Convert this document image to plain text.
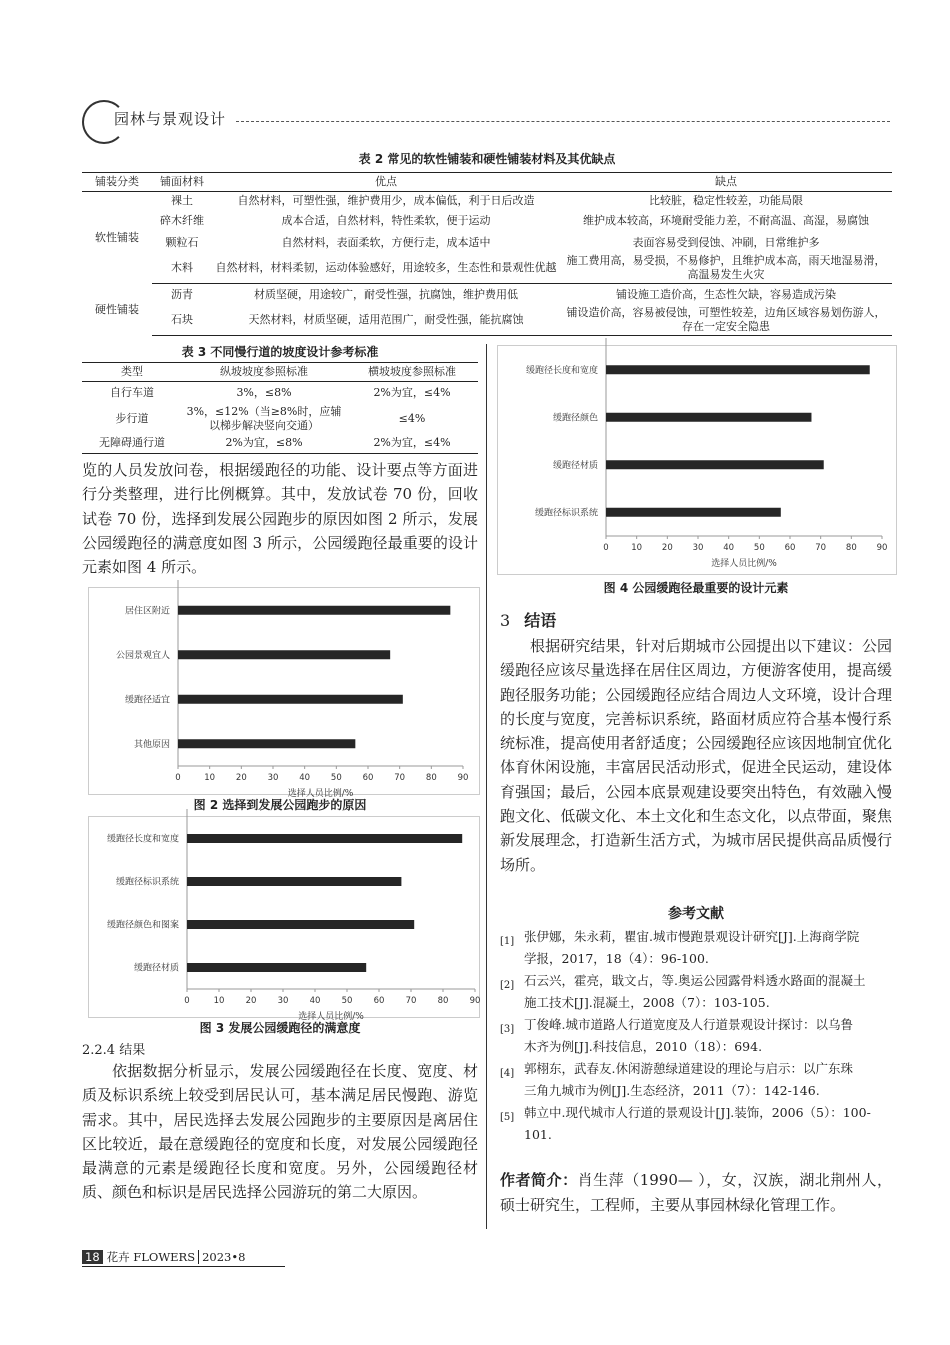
园林与景观设计
表 2 常见的软性铺装和硬性铺装材料及其优缺点
铺装分类	铺面材料	优点	缺点
软性铺装	裸土	自然材料，可塑性强，维护费用少，成本偏低，利于日后改造	比较脏，稳定性较差，功能局限
	碎木纤维	成本合适，自然材料，特性柔软，便于运动	维护成本较高，环境耐受能力差，不耐高温、高湿，易腐蚀
	颗粒石	自然材料，表面柔软，方便行走，成本适中	表面容易受到侵蚀、冲刷，日常维护多
	木料	自然材料，材料柔韧，运动体验感好，用途较多，生态性和景观性优越	施工费用高，易受损，不易修护，且维护成本高，雨天地湿易滑，高温易发生火灾
硬性铺装	沥青	材质坚硬，用途较广，耐受性强，抗腐蚀，维护费用低	铺设施工造价高，生态性欠缺，容易造成污染
	石块	天然材料，材质坚硬，适用范围广，耐受性强，能抗腐蚀	铺设造价高，容易被侵蚀，可塑性较差，边角区域容易划伤游人，存在一定安全隐患
表 3 不同慢行道的坡度设计参考标准
类型	纵坡坡度参照标准	横坡坡度参照标准
自行车道	3%，≤8%	2%为宜，≤4%
步行道	3%，≤12%（当≥8%时，应辅以梯步解决竖向交通）	≤4%
无障碍通行道	2%为宜，≤8%	2%为宜，≤4%

览的人员发放问卷，根据缓跑径的功能、设计要点等方面进行分类整理，进行比例概算。其中，发放试卷 70 份，回收试卷 70 份，选择到发展公园跑步的原因如图 2 所示，发展公园缓跑径的满意度如图 3 所示，公园缓跑径最重要的设计元素如图 4 所示。

居住区附近
公园景观宜人
缓跑径适宜
其他原因
0	10 20 30 40 50 60 70 80 90
选择人员比例/%
图 2 选择到发展公园跑步的原因
缓跑径长度和宽度
缓跑径标识系统
缓跑径颜色和图案
缓跑径材质
0	10 20 30 40 50 60 70 80 90
选择人员比例/%
图 3 发展公园缓跑径的满意度
2.2.4 结果

依据数据分析显示，发展公园缓跑径在长度、宽度、材质及标识系统上较受到居民认可，基本满足居民慢跑、游览需求。其中，居民选择去发展公园跑步的主要原因是离居住区比较近，最在意缓跑径的宽度和长度，对发展公园缓跑径最满意的元素是缓跑径长度和宽度。另外，公园缓跑径材质、颜色和标识是居民选择公园游玩的第二大原因。

缓跑径长度和宽度
缓跑径颜色
缓跑径材质
缓跑径标识系统
0	10 20 30 40 50 60 70 80 90
选择人员比例/%
图 4 公园缓跑径最重要的设计元素
3 结语

根据研究结果，针对后期城市公园提出以下建议：公园缓跑径应该尽量选择在居住区周边，方便游客使用，提高缓跑径服务功能；公园缓跑径应结合周边人文环境，设计合理的长度与宽度，完善标识系统，路面材质应符合基本慢行系统标准，提高使用者舒适度；公园缓跑径应该因地制宜优化体育休闲设施，丰富居民活动形式，促进全民运动，建设体育强国；最后，公园本底景观建设要突出特色，有效融入慢跑文化、低碳文化、本土文化和生态文化，以点带面，聚焦新发展理念，打造新生活方式，为城市居民提供高品质慢行场所。

参考文献
[1] 张伊娜，朱永莉，瞿宙.城市慢跑景观设计研究[J].上海商学院
学报，2017，18（4）：96-100.
[2] 石云兴，霍亮，戢文占，等.奥运公园露骨料透水路面的混凝土
施工技术[J].混凝土，2008（7）：103-105.
[3] 丁俊峰.城市道路人行道宽度及人行道景观设计探讨：以乌鲁
木齐为例[J].科技信息，2010（18）：694.
[4] 郭栩东，武春友.休闲游憩绿道建设的理论与启示：以广东珠
三角九城市为例[J].生态经济，2011（7）：142-146.
[5] 韩立中.现代城市人行道的景观设计[J].装饰，2006（5）：100-
101.
作者简介：肖生萍（1990— ），女，汉族，湖北荆州人，硕士研究生，工程师，主要从事园林绿化管理工作。
18 花卉 FLOWERS 2023•8
